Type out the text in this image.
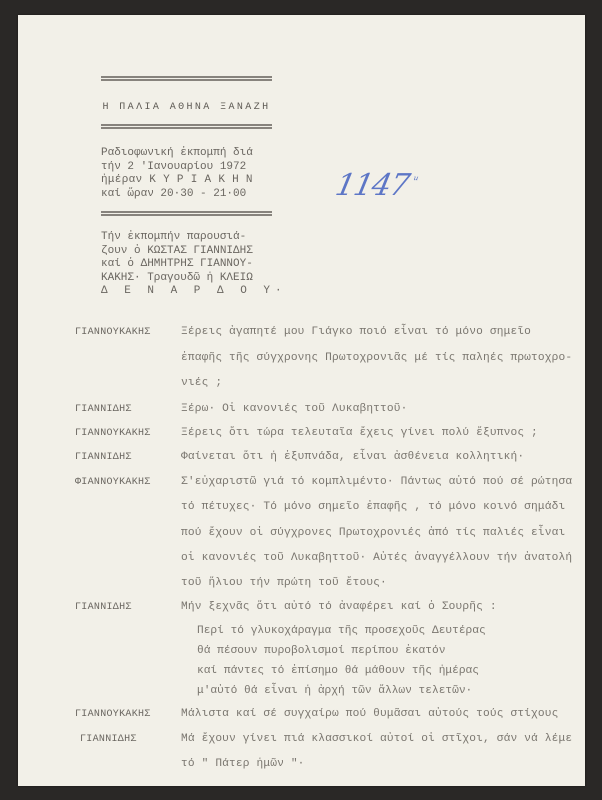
Η ΠΑΛΙΑ ΑΘΗΝΑ ΞΑΝΑΖΗ
Ραδιοφωνική ἐκπομπή διά
τήν 2 'Ιανουαρίου 1972
ἡμέραν Κ Υ Ρ Ι Α Κ Η Ν
καί ὥραν 20·30 - 21·00
Τήν ἐκπομπήν παρουσιά-
ζουν ὁ ΚΩΣΤΑΣ ΓΙΑΝΝΙΔΗΣ
καί ὁ ΔΗΜΗΤΡΗΣ ΓΙΑΝΝΟΥ-
ΚΑΚΗΣ· Τραγουδῶ ἡ ΚΛΕΙΩ
Δ Ε Ν Α Ρ Δ Ο Υ·
$1147^ᵘ$
ΓΙΑΝΝΟΥΚΑΚΗΣ	Ξέρεις ἀγαπητέ μου Γιάγκο ποιό εἶναι τό μόνο σημεῖο
ἐπαφῆς τῆς σύγχρονης Πρωτοχρονιᾶς μέ τίς παληές πρωτοχρο-
νιές ;
ΓΙΑΝΝΙΔΗΣ	Ξέρω· Οἱ κανονιές τοῦ Λυκαβηττοῦ·
ΓΙΑΝΝΟΥΚΑΚΗΣ	Ξέρεις ὅτι τώρα τελευταῖα ἔχεις γίνει πολύ ἔξυπνος ;
ΓΙΑΝΝΙΔΗΣ	Φαίνεται ὅτι ἡ ἐξυπνάδα, εἶναι ἀσθένεια κολλητική·
ΦΙΑΝΝΟΥΚΑΚΗΣ	Σ'εὐχαριστῶ γιά τό κομπλιμέντο· Πάντως αὐτό πού σέ ρώτησα
τό πέτυχες· Τό μόνο σημεῖο ἐπαφῆς , τό μόνο κοινό σημάδι
πού ἔχουν οἱ σύγχρονες Πρωτοχρονιές ἀπό τίς παλιές εἶναι
οἱ κανονιές τοῦ Λυκαβηττοῦ· Αὐτές ἀναγγέλλουν τήν ἀνατολή
τοῦ ἥλιου τήν πρώτη τοῦ ἔτους·
ΓΙΑΝΝΙΔΗΣ	Μήν ξεχνᾶς ὅτι αὐτό τό ἀναφέρει καί ὁ Σουρῆς :
Περί τό γλυκοχάραγμα τῆς προσεχοῦς Δευτέρας
θά πέσουν πυροβολισμοί περίπου ἑκατόν
καί πάντες τό ἐπίσημο θά μάθουν τῆς ἡμέρας
μ'αὐτό θά εἶναι ἡ ἀρχή τῶν ἄλλων τελετῶν·
ΓΙΑΝΝΟΥΚΑΚΗΣ	Μάλιστα καί σέ συγχαίρω πού θυμᾶσαι αὐτούς τούς στίχους
ΓΙΑΝΝΙΔΗΣ	Μά ἔχουν γίνει πιά κλασσικοί αὐτοί οἱ στῖχοι, σάν νά λέμε
τό " Πάτερ ἡμῶν "·
